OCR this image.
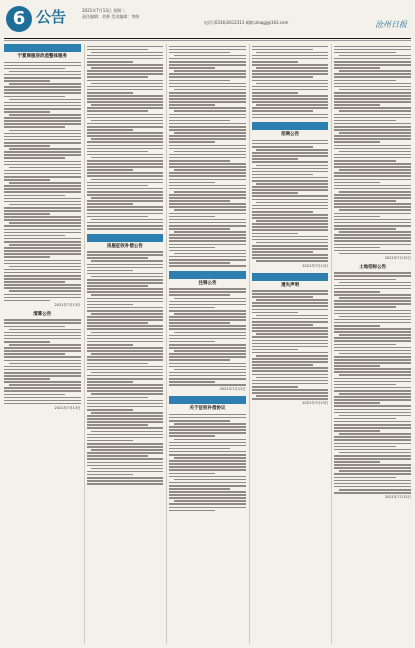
6 公告	2021年7月13日 星期二
责任编辑：刘香 美术编辑：李纳
电话:(0316)2612313 邮箱:zlaqgj@163.com	沧州日报
宁夏商服房改造整体服务
2021年7月13日
清算公告
2021年7月13日
房屋征收补偿公告
注销公告
2021年7月13日
关于征收补偿协议
招商公告
2021年7月13日
遗失声明
2021年7月13日
2021年7月13日
土地招标公告
2021年7月13日
